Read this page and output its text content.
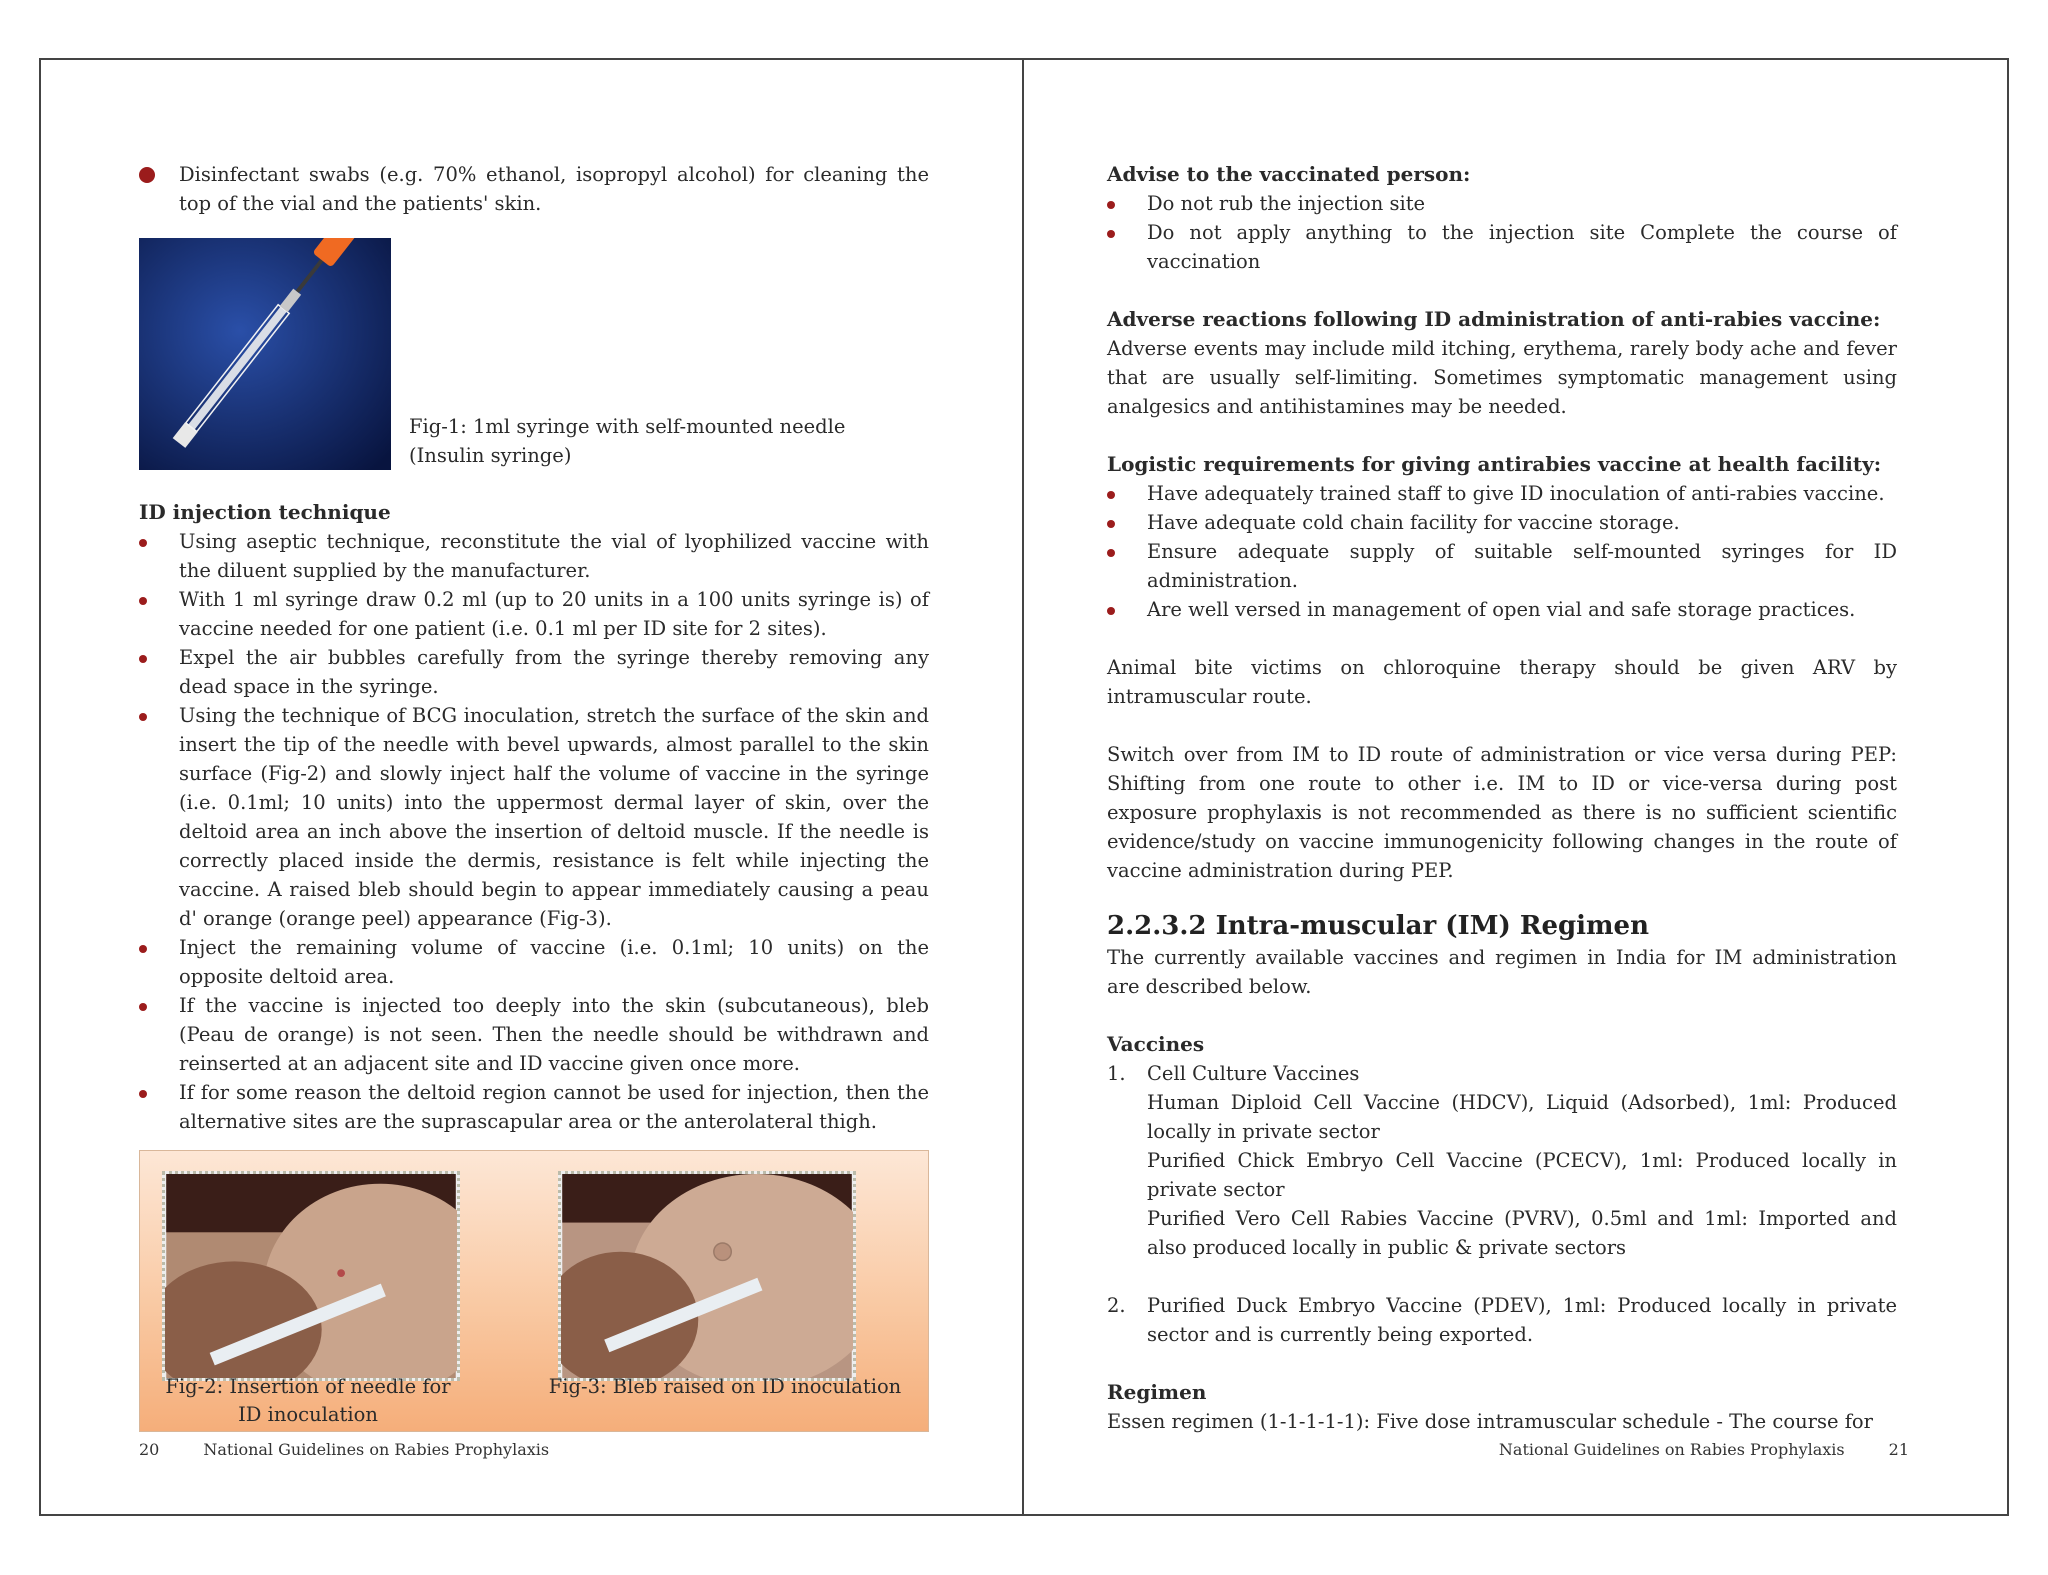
Disinfectant swabs (e.g. 70% ethanol, isopropyl alcohol) for cleaning the top of the vial and the patients' skin.
Fig-1: 1ml syringe with self-mounted needle
(Insulin syringe)
ID injection technique
Using aseptic technique, reconstitute the vial of lyophilized vaccine with the diluent supplied by the manufacturer.
With 1 ml syringe draw 0.2 ml (up to 20 units in a 100 units syringe is) of vaccine needed for one patient (i.e. 0.1 ml per ID site for 2 sites).
Expel the air bubbles carefully from the syringe thereby removing any dead space in the syringe.
Using the technique of BCG inoculation, stretch the surface of the skin and insert the tip of the needle with bevel upwards, almost parallel to the skin surface (Fig-2) and slowly inject half the volume of vaccine in the syringe (i.e. 0.1ml; 10 units) into the uppermost dermal layer of skin, over the deltoid area an inch above the insertion of deltoid muscle. If the needle is correctly placed inside the dermis, resistance is felt while injecting the vaccine. A raised bleb should begin to appear immediately causing a peau d' orange (orange peel) appearance (Fig-3).
Inject the remaining volume of vaccine (i.e. 0.1ml; 10 units) on the opposite deltoid area.
If the vaccine is injected too deeply into the skin (subcutaneous), bleb (Peau de orange) is not seen. Then the needle should be withdrawn and reinserted at an adjacent site and ID vaccine given once more.
If for some reason the deltoid region cannot be used for injection, then the alternative sites are the suprascapular area or the anterolateral thigh.
Fig-2: Insertion of needle for
ID inoculation
Fig-3: Bleb raised on ID inoculation
20	National Guidelines on Rabies Prophylaxis
Advise to the vaccinated person:
Do not rub the injection site
Do not apply anything to the injection site Complete the course of vaccination
Adverse reactions following ID administration of anti-rabies vaccine:
Adverse events may include mild itching, erythema, rarely body ache and fever that are usually self-limiting. Sometimes symptomatic management using analgesics and antihistamines may be needed.
Logistic requirements for giving antirabies vaccine at health facility:
Have adequately trained staff to give ID inoculation of anti-rabies vaccine.
Have adequate cold chain facility for vaccine storage.
Ensure adequate supply of suitable self-mounted syringes for ID administration.
Are well versed in management of open vial and safe storage practices.
Animal bite victims on chloroquine therapy should be given ARV by intramuscular route.
Switch over from IM to ID route of administration or vice versa during PEP: Shifting from one route to other i.e. IM to ID or vice-versa during post exposure prophylaxis is not recommended as there is no sufficient scientific evidence/study on vaccine immunogenicity following changes in the route of vaccine administration during PEP.
2.2.3.2 Intra-muscular (IM) Regimen
The currently available vaccines and regimen in India for IM administration are described below.
Vaccines
1. Cell Culture Vaccines
Human Diploid Cell Vaccine (HDCV), Liquid (Adsorbed), 1ml: Produced locally in private sector
Purified Chick Embryo Cell Vaccine (PCECV), 1ml: Produced locally in private sector
Purified Vero Cell Rabies Vaccine (PVRV), 0.5ml and 1ml: Imported and also produced locally in public & private sectors
2. Purified Duck Embryo Vaccine (PDEV), 1ml: Produced locally in private sector and is currently being exported.
Regimen
Essen regimen (1-1-1-1-1): Five dose intramuscular schedule - The course for
National Guidelines on Rabies Prophylaxis	21
